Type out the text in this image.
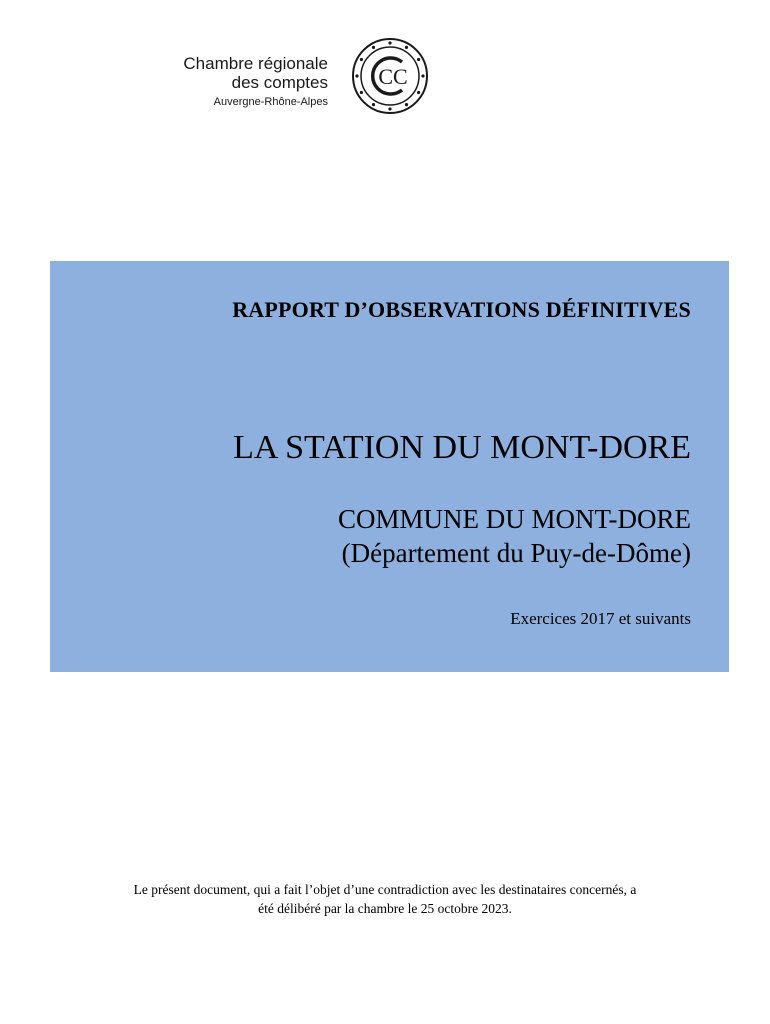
Chambre régionale
des comptes
Auvergne-Rhône-Alpes
CC
RAPPORT D’OBSERVATIONS DÉFINITIVES
LA STATION DU MONT-DORE
COMMUNE DU MONT-DORE
(Département du Puy-de-Dôme)
Exercices 2017 et suivants
Le présent document, qui a fait l’objet d’une contradiction avec les destinataires concernés, a
été délibéré par la chambre le 25 octobre 2023.
